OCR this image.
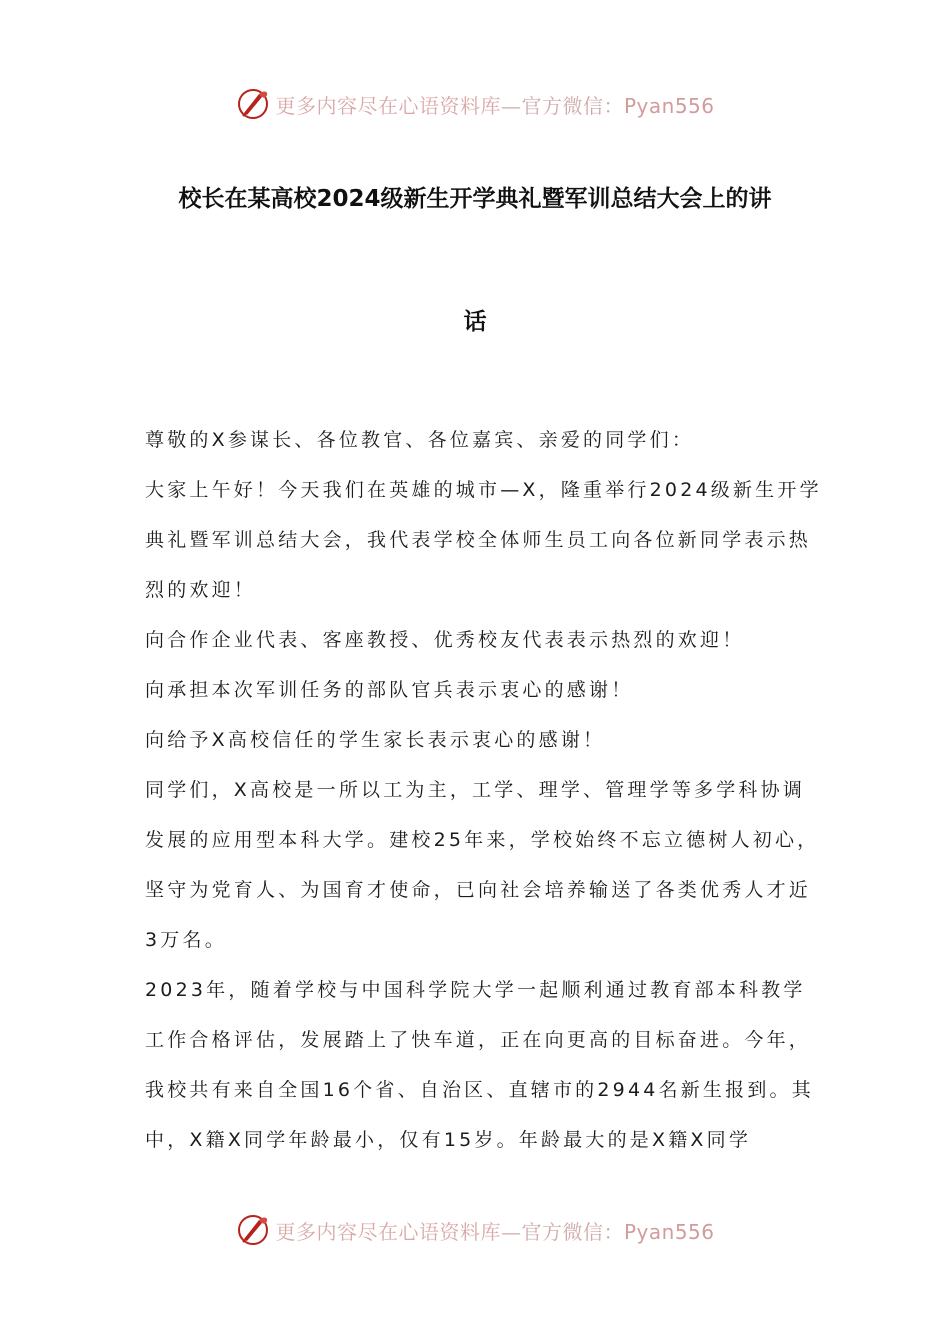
更多内容尽在心语资料库—官方微信：Pyan556
校长在某高校2024级新生开学典礼暨军训总结大会上的讲
话

尊敬的X参谋长、各位教官、各位嘉宾、亲爱的同学们：

大家上午好！今天我们在英雄的城市—X，隆重举行2024级新生开学典礼暨军训总结大会，我代表学校全体师生员工向各位新同学表示热烈的欢迎！

向合作企业代表、客座教授、优秀校友代表表示热烈的欢迎！

向承担本次军训任务的部队官兵表示衷心的感谢！

向给予X高校信任的学生家长表示衷心的感谢！

同学们，X高校是一所以工为主，工学、理学、管理学等多学科协调发展的应用型本科大学。建校25年来，学校始终不忘立德树人初心，坚守为党育人、为国育才使命，已向社会培养输送了各类优秀人才近3万名。

2023年，随着学校与中国科学院大学一起顺利通过教育部本科教学工作合格评估，发展踏上了快车道，正在向更高的目标奋进。今年，我校共有来自全国16个省、自治区、直辖市的2944名新生报到。其中，X籍X同学年龄最小，仅有15岁。年龄最大的是X籍X同学

更多内容尽在心语资料库—官方微信：Pyan556
